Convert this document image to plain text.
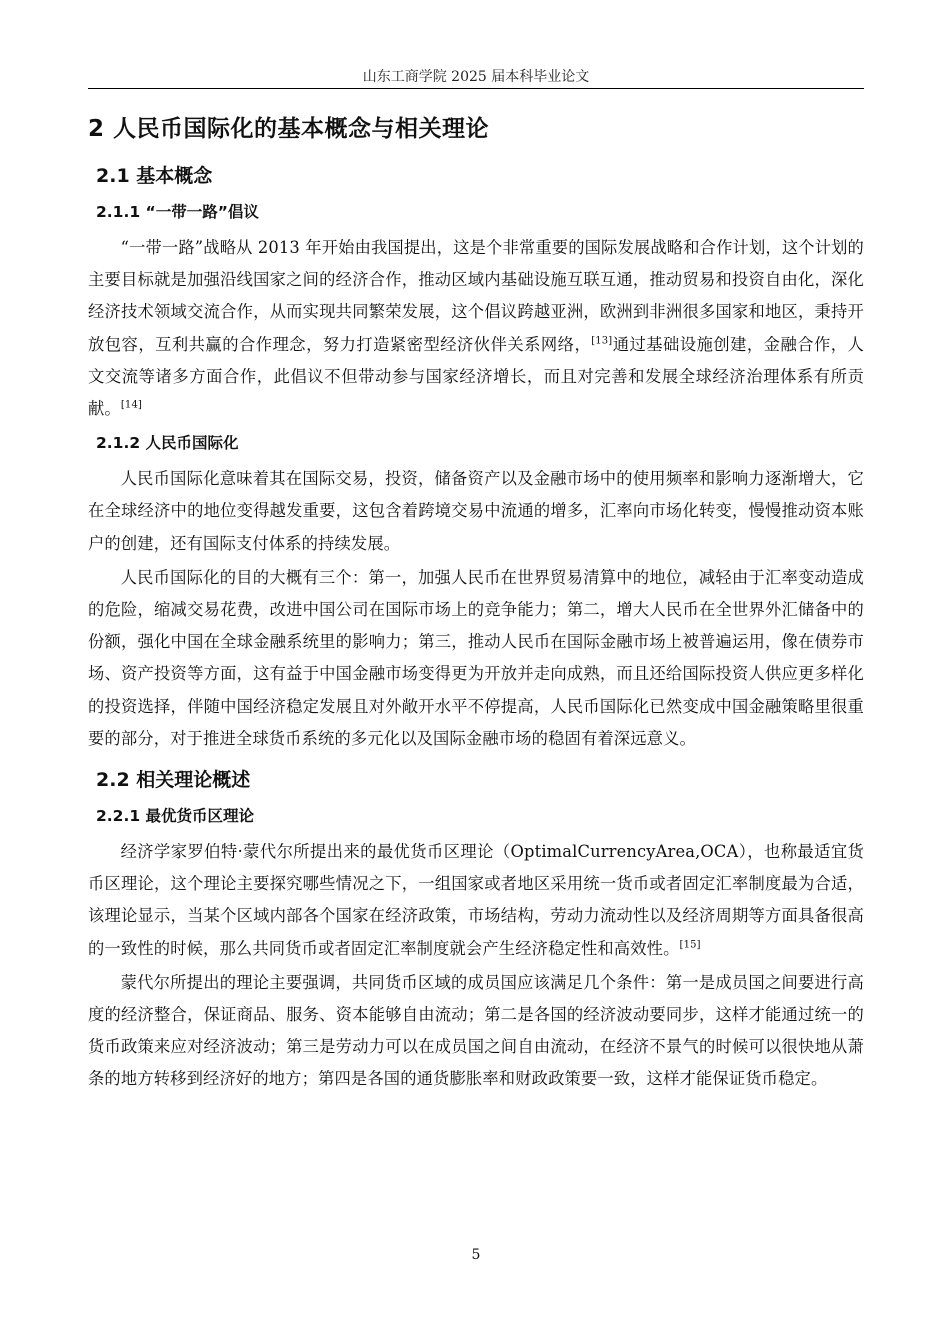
山东工商学院 2025 届本科毕业论文
2 人民币国际化的基本概念与相关理论
2.1 基本概念
2.1.1 “一带一路”倡议

“一带一路”战略从 2013 年开始由我国提出，这是个非常重要的国际发展战略和合作计划，这个计划的主要目标就是加强沿线国家之间的经济合作，推动区域内基础设施互联互通，推动贸易和投资自由化，深化经济技术领域交流合作，从而实现共同繁荣发展，这个倡议跨越亚洲，欧洲到非洲很多国家和地区，秉持开放包容，互利共赢的合作理念，努力打造紧密型经济伙伴关系网络，[13]通过基础设施创建，金融合作，人文交流等诸多方面合作，此倡议不但带动参与国家经济增长，而且对完善和发展全球经济治理体系有所贡献。[14]

2.1.2 人民币国际化

人民币国际化意味着其在国际交易，投资，储备资产以及金融市场中的使用频率和影响力逐渐增大，它在全球经济中的地位变得越发重要，这包含着跨境交易中流通的增多，汇率向市场化转变，慢慢推动资本账户的创建，还有国际支付体系的持续发展。

人民币国际化的目的大概有三个：第一，加强人民币在世界贸易清算中的地位，减轻由于汇率变动造成的危险，缩减交易花费，改进中国公司在国际市场上的竞争能力；第二，增大人民币在全世界外汇储备中的份额，强化中国在全球金融系统里的影响力；第三，推动人民币在国际金融市场上被普遍运用，像在债券市场、资产投资等方面，这有益于中国金融市场变得更为开放并走向成熟，而且还给国际投资人供应更多样化的投资选择，伴随中国经济稳定发展且对外敞开水平不停提高，人民币国际化已然变成中国金融策略里很重要的部分，对于推进全球货币系统的多元化以及国际金融市场的稳固有着深远意义。

2.2 相关理论概述
2.2.1 最优货币区理论

经济学家罗伯特·蒙代尔所提出来的最优货币区理论（OptimalCurrencyArea,OCA），也称最适宜货币区理论，这个理论主要探究哪些情况之下，一组国家或者地区采用统一货币或者固定汇率制度最为合适，该理论显示，当某个区域内部各个国家在经济政策，市场结构，劳动力流动性以及经济周期等方面具备很高的一致性的时候，那么共同货币或者固定汇率制度就会产生经济稳定性和高效性。[15]

蒙代尔所提出的理论主要强调，共同货币区域的成员国应该满足几个条件：第一是成员国之间要进行高度的经济整合，保证商品、服务、资本能够自由流动；第二是各国的经济波动要同步，这样才能通过统一的货币政策来应对经济波动；第三是劳动力可以在成员国之间自由流动，在经济不景气的时候可以很快地从萧条的地方转移到经济好的地方；第四是各国的通货膨胀率和财政政策要一致，这样才能保证货币稳定。

5
